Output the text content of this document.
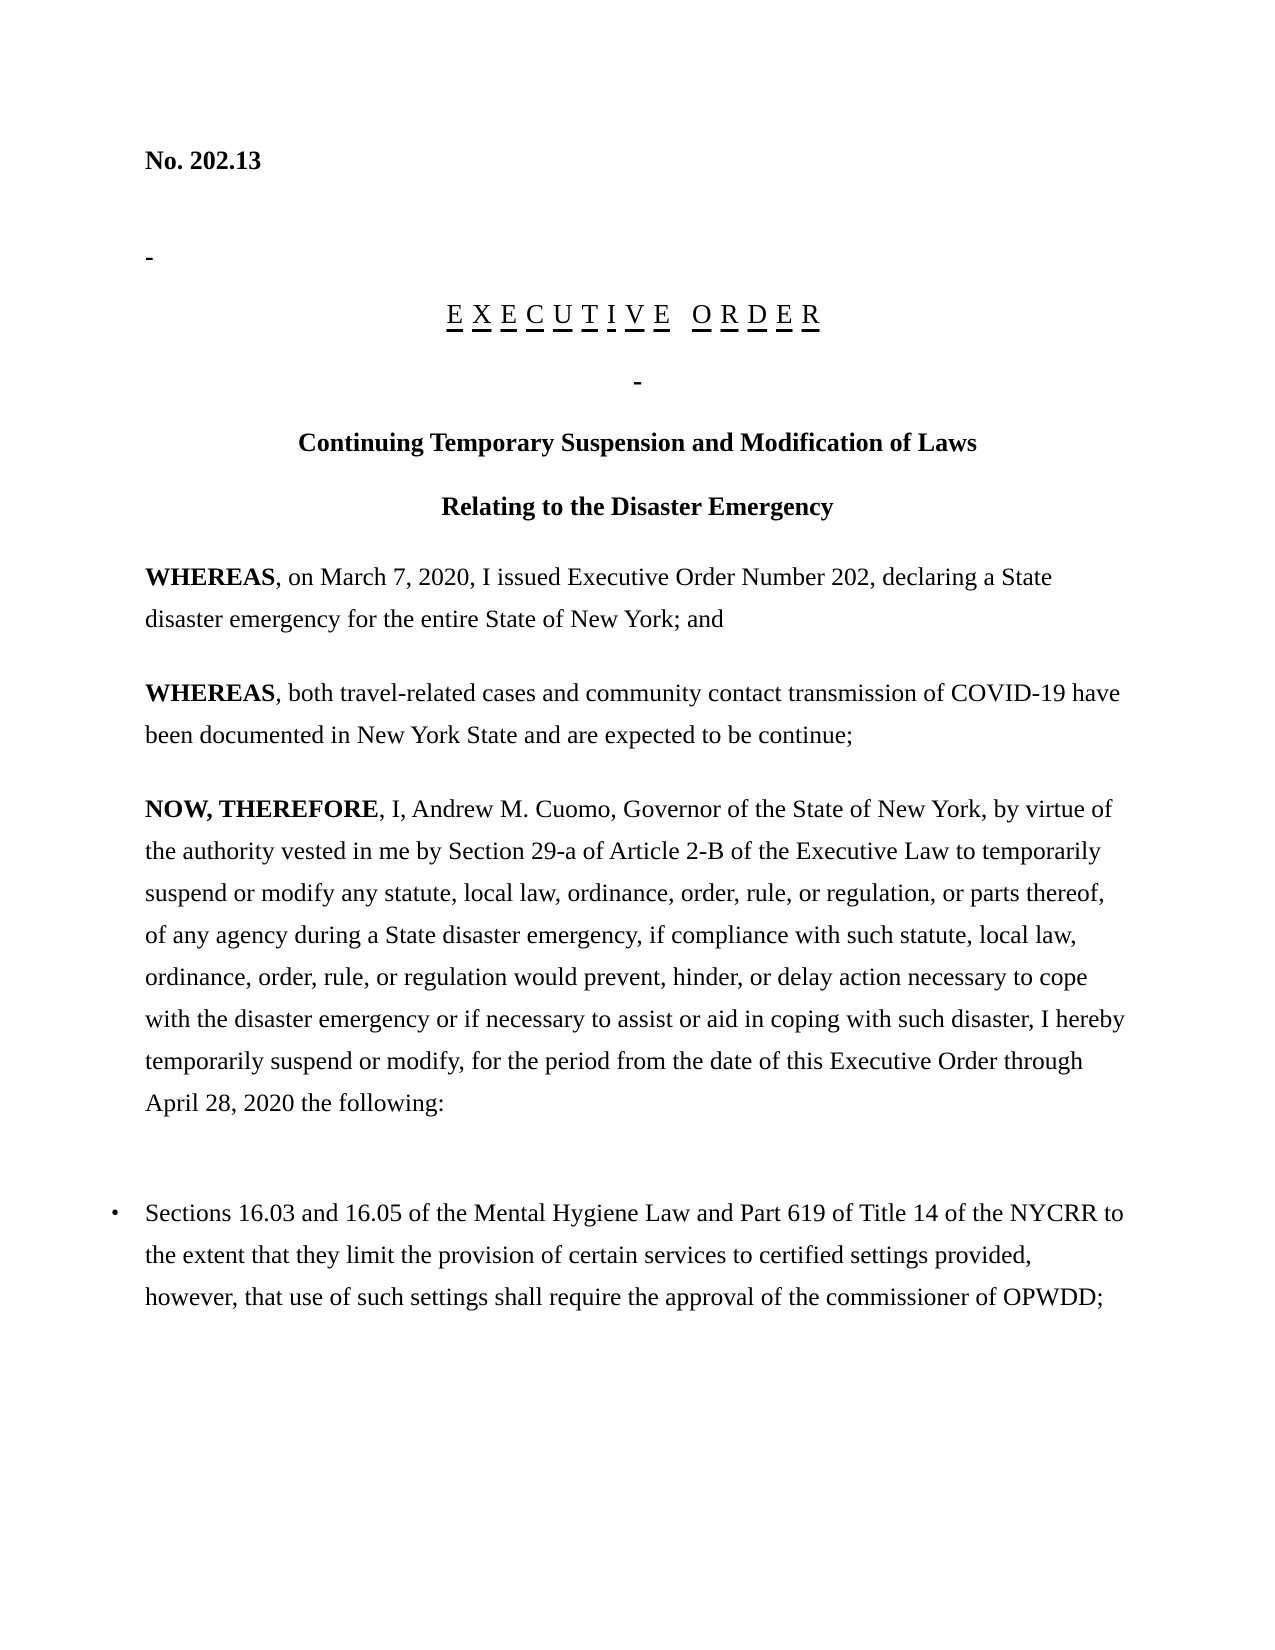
No. 202.13

-

E X E C U T I V E O R D E R

-

Continuing Temporary Suspension and Modification of Laws
Relating to the Disaster Emergency

WHEREAS, on March 7, 2020, I issued Executive Order Number 202, declaring a State disaster emergency for the entire State of New York; and

WHEREAS, both travel-related cases and community contact transmission of COVID-19 have been documented in New York State and are expected to be continue;

NOW, THEREFORE, I, Andrew M. Cuomo, Governor of the State of New York, by virtue of the authority vested in me by Section 29-a of Article 2-B of the Executive Law to temporarily suspend or modify any statute, local law, ordinance, order, rule, or regulation, or parts thereof, of any agency during a State disaster emergency, if compliance with such statute, local law, ordinance, order, rule, or regulation would prevent, hinder, or delay action necessary to cope with the disaster emergency or if necessary to assist or aid in coping with such disaster, I hereby temporarily suspend or modify, for the period from the date of this Executive Order through April 28, 2020 the following:

• Sections 16.03 and 16.05 of the Mental Hygiene Law and Part 619 of Title 14 of the NYCRR to the extent that they limit the provision of certain services to certified settings provided, however, that use of such settings shall require the approval of the commissioner of OPWDD;
